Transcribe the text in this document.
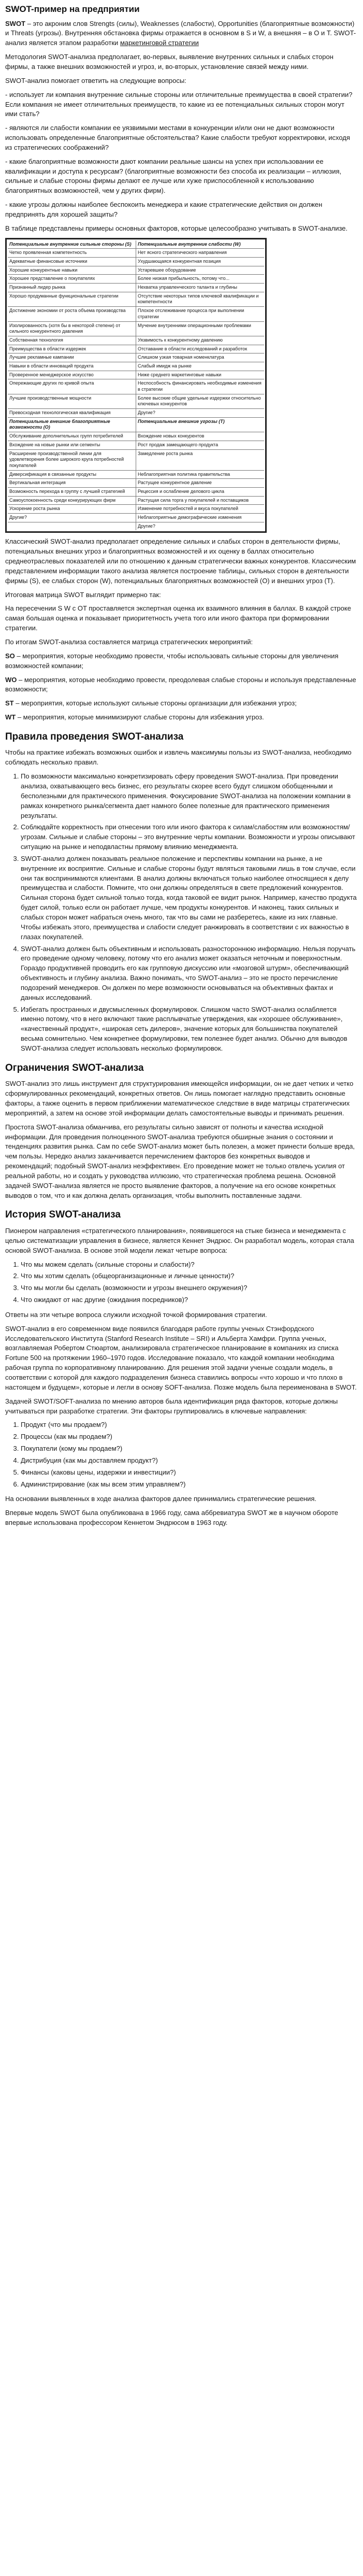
SWOT-пример на предприятии

SWOT – это акроним слов Strengts (силы), Weaknesses (слабости), Opportunities (благоприятные возможности) и Threats (угрозы). Внутренняя обстановка фирмы отражается в основном в S и W, а внешняя – в O и T. SWOT-анализ является этапом разработки маркетинговой стратегии

Методология SWOT-анализа предполагает, во-первых, выявление внутренних сильных и слабых сторон фирмы, а также внешних возможностей и угроз, и, во-вторых, установление связей между ними.

SWOT-анализ помогает ответить на следующие вопросы:

- использует ли компания внутренние сильные стороны или отличительные преимущества в своей стратегии? Если компания не имеет отличительных преимуществ, то какие из ее потенциальных сильных сторон могут ими стать?

- являются ли слабости компании ее уязвимыми местами в конкуренции и/или они не дают возможности использовать определенные благоприятные обстоятельства? Какие слабости требуют корректировки, исходя из стратегических соображений?

- какие благоприятные возможности дают компании реальные шансы на успех при использовании ее квалификации и доступа к ресурсам? (благоприятные возможности без способа их реализации – иллюзия, сильные и слабые стороны фирмы делают ее лучше или хуже приспособленной к использованию благоприятных возможностей, чем у других фирм).

- какие угрозы должны наиболее беспокоить менеджера и какие стратегические действия он должен предпринять для хорошей защиты?

В таблице представлены примеры основных факторов, которые целесообразно учитывать в SWOT-анализе.

Потенциальные внутренние сильные стороны (S)	Потенциальные внутренние слабости (W)
Четко проявленная компетентность	Нет ясного стратегического направления
Адекватные финансовые источники	Ухудшающаяся конкурентная позиция
Хорошие конкурентные навыки	Устаревшее оборудование
Хорошее представление о покупателях	Более низкая прибыльность, потому что...
Признанный лидер рынка	Нехватка управленческого таланта и глубины
Хорошо продуманные функциональные стратегии	Отсутствие некоторых типов ключевой квалификации и компетентности
Достижение экономии от роста объема производства	Плохое отслеживание процесса при выполнении стратегии
Изолированность (хотя бы в некоторой степени) от сильного конкурентного давления	Мучение внутренними операционными проблемами
Собственная технология	Уязвимость к конкурентному давлению
Преимущества в области издержек	Отставание в области исследований и разработок
Лучшие рекламные кампании	Слишком узкая товарная номенклатура
Навыки в области инноваций продукта	Слабый имидж на рынке
Проверенное менеджерское искусство	Ниже среднего маркетинговые навыки
Опережающие других по кривой опыта	Неспособность финансировать необходимые изменения в стратегии
Лучшие производственные мощности	Более высокие общие удельные издержки относительно ключевых конкурентов
Превосходная технологическая квалификация	Другие?
Потенциальные внешние благоприятные возможности (O)	Потенциальные внешние угрозы (T)
Обслуживание дополнительных групп потребителей	Вхождение новых конкурентов
Вхождение на новые рынки или сегменты	Рост продаж замещающего продукта
Расширение производственной линии для удовлетворения более широкого круга потребностей покупателей	Замедление роста рынка
Диверсификация в связанные продукты	Неблагоприятная политика правительства
Вертикальная интеграция	Растущее конкурентное давление
Возможность перехода в группу с лучшей стратегией	Рецессия и ослабление делового цикла
Самоуспокоенность среди конкурирующих фирм	Растущая сила торга у покупателей и поставщиков
Ускорение роста рынка	Изменение потребностей и вкуса покупателей
Другие?	Неблагоприятные демографические изменения
	Другие?

Классический SWOT-анализ предполагает определение сильных и слабых сторон в деятельности фирмы, потенциальных внешних угроз и благоприятных возможностей и их оценку в баллах относительно среднеотраслевых показателей или по отношению к данным стратегически важных конкурентов. Классическим представлением информации такого анализа является построение таблицы, сильных сторон в деятельности фирмы (S), ее слабых сторон (W), потенциальных благоприятных возможностей (O) и внешних угроз (T).

Итоговая матрица SWOT выглядит примерно так:

На пересечении S W с OT проставляется экспертная оценка их взаимного влияния в баллах. В каждой строке самая большая оценка и показывает приоритетность учета того или иного фактора при формировании стратегии.

По итогам SWOT-анализа составляется матрица стратегических мероприятий:

SO – мероприятия, которые необходимо провести, чтобы использовать сильные стороны для увеличения возможностей компании;

WO – мероприятия, которые необходимо провести, преодолевая слабые стороны и используя представленные возможности;

ST – мероприятия, которые используют сильные стороны организации для избежания угроз;

WT – мероприятия, которые минимизируют слабые стороны для избежания угроз.

Правила проведения SWOT-анализа

Чтобы на практике избежать возможных ошибок и извлечь максимумы пользы из SWOT-анализа, необходимо соблюдать несколько правил.

1. По возможности максимально конкретизировать сферу проведения SWOT-анализа. При проведении анализа, охватывающего весь бизнес, его результаты скорее всего будут слишком обобщенными и бесполезными для практического применения. Фокусирование SWOT-анализа на положении компании в рамках конкретного рынка/сегмента дает намного более полезные для практического применения результаты.
2. Соблюдайте корректность при отнесении того или иного фактора к силам/слабостям или возможностям/угрозам. Сильные и слабые стороны – это внутренние черты компании. Возможности и угрозы описывают ситуацию на рынке и неподвластны прямому влиянию менеджмента.
3. SWOT-анализ должен показывать реальное положение и перспективы компании на рынке, а не внутренние их восприятие. Сильные и слабые стороны будут являться таковыми лишь в том случае, если они так воспринимаются клиентами. В анализ должны включаться только наиболее относящиеся к делу преимущества и слабости. Помните, что они должны определяться в свете предложений конкурентов. Сильная сторона будет сильной только тогда, когда таковой ее видит рынок. Например, качество продукта будет силой, только если он работает лучше, чем продукты конкурентов. И наконец, таких сильных и слабых сторон может набраться очень много, так что вы сами не разберетесь, какие из них главные. Чтобы избежать этого, преимущества и слабости следует ранжировать в соответствии с их важностью в глазах покупателей.
4. SWOT-анализ должен быть объективным и использовать разностороннюю информацию. Нельзя поручать его проведение одному человеку, потому что его анализ может оказаться неточным и поверхностным. Гораздо продуктивней проводить его как групповую дискуссию или «мозговой штурм», обеспечивающий объективность и глубину анализа. Важно понимать, что SWOT-анализ – это не просто перечисление подозрений менеджеров. Он должен по мере возможности основываться на объективных фактах и данных исследований.
5. Избегать пространных и двусмысленных формулировок. Слишком часто SWOT-анализ ослабляется именно потому, что в него включают такие расплывчатые утверждения, как «хорошее обслуживание», «качественный продукт», «широкая сеть дилеров», значение которых для большинства покупателей весьма сомнительно. Чем конкретнее формулировки, тем полезнее будет анализ. Обычно для выводов SWOT-анализа следует использовать несколько формулировок.
Ограничения SWOT-анализа

SWOT-анализ это лишь инструмент для структурирования имеющейся информации, он не дает четких и четко сформулированных рекомендаций, конкретных ответов. Он лишь помогает наглядно представить основные факторы, а также оценить в первом приближении математическое следствие в виде матрицы стратегических мероприятий, а затем на основе этой информации делать самостоятельные выводы и принимать решения.

Простота SWOT-анализа обманчива, его результаты сильно зависят от полноты и качества исходной информации. Для проведения полноценного SWOT-анализа требуются обширные знания о состоянии и тенденциях развития рынка. Сам по себе SWOT-анализ может быть полезен, а может принести больше вреда, чем пользы. Нередко анализ заканчивается перечислением факторов без конкретных выводов и рекомендаций; подобный SWOT-анализ неэффективен. Его проведение может не только отвлечь усилия от реальной работы, но и создать у руководства иллюзию, что стратегическая проблема решена. Основной задачей SWOT-анализа является не просто выявление факторов, а получение на его основе конкретных выводов о том, что и как должна делать организация, чтобы выполнить поставленные задачи.

История SWOT-анализа

Пионером направления «стратегического планирования», появившегося на стыке бизнеса и менеджмента с целью систематизации управления в бизнесе, является Кеннет Эндрюс. Он разработал модель, которая стала основой SWOT-анализа. В основе этой модели лежат четыре вопроса:

1. Что мы можем сделать (сильные стороны и слабости)?
2. Что мы хотим сделать (общеорганизационные и личные ценности)?
3. Что мы могли бы сделать (возможности и угрозы внешнего окружения)?
4. Что ожидают от нас другие (ожидания посредников)?

Ответы на эти четыре вопроса служили исходной точкой формирования стратегии.

SWOT-анализ в его современном виде появился благодаря работе группы ученых Стэнфордского Исследовательского Института (Stanford Research Institute – SRI) и Альберта Хамфри. Группа ученых, возглавляемая Робертом Стюартом, анализировала стратегическое планирование в компаниях из списка Fortune 500 на протяжении 1960–1970 годов. Исследование показало, что каждой компании необходима рабочая группа по корпоративному планированию. Для решения этой задачи ученые создали модель, в соответствии с которой для каждого подразделения бизнеса ставились вопросы «что хорошо и что плохо в настоящем и будущем», которые и легли в основу SOFT-анализа. Позже модель была переименована в SWOT.

Задачей SWOT/SOFT-анализа по мнению авторов была идентификация ряда факторов, которые должны учитываться при разработке стратегии. Эти факторы группировались в ключевые направления:

1. Продукт (что мы продаем?)
2. Процессы (как мы продаем?)
3. Покупатели (кому мы продаем?)
4. Дистрибуция (как мы доставляем продукт?)
5. Финансы (каковы цены, издержки и инвестиции?)
6. Администрирование (как мы всем этим управляем?)

На основании выявленных в ходе анализа факторов далее принимались стратегические решения.

Впервые модель SWOT была опубликована в 1966 году, сама аббревиатура SWOT же в научном обороте впервые использована профессором Кеннетом Эндрюсом в 1963 году.
